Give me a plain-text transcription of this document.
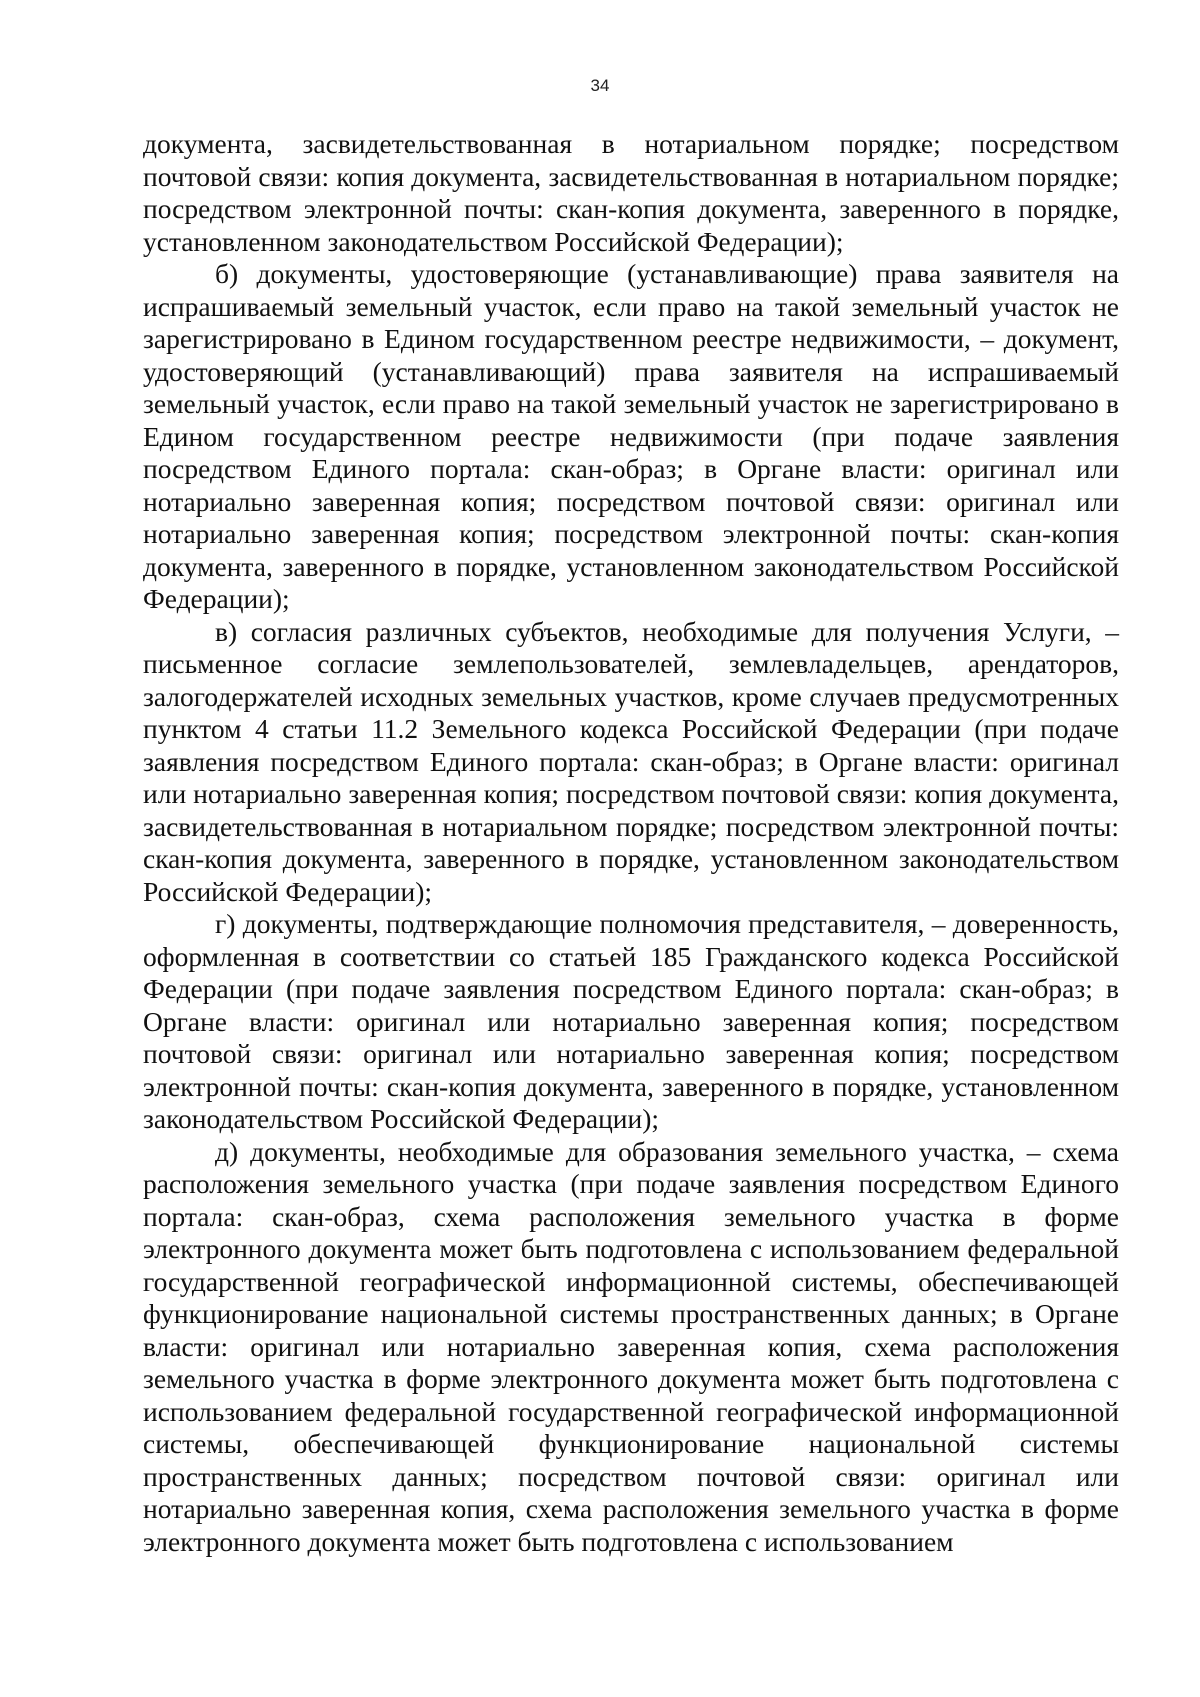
34

документа, засвидетельствованная в нотариальном порядке; посредством почтовой связи: копия документа, засвидетельствованная в нотариальном порядке; посредством электронной почты: скан-копия документа, заверенного в порядке, установленном законодательством Российской Федерации);

б) документы, удостоверяющие (устанавливающие) права заявителя на испрашиваемый земельный участок, если право на такой земельный участок не зарегистрировано в Едином государственном реестре недвижимости, – документ, удостоверяющий (устанавливающий) права заявителя на испрашиваемый земельный участок, если право на такой земельный участок не зарегистрировано в Едином государственном реестре недвижимости (при подаче заявления посредством Единого портала: скан-образ; в Органе власти: оригинал или нотариально заверенная копия; посредством почтовой связи: оригинал или нотариально заверенная копия; посредством электронной почты: скан-копия документа, заверенного в порядке, установленном законодательством Российской Федерации);

в) согласия различных субъектов, необходимые для получения Услуги, – письменное согласие землепользователей, землевладельцев, арендаторов, залогодержателей исходных земельных участков, кроме случаев предусмотренных пунктом 4 статьи 11.2 Земельного кодекса Российской Федерации (при подаче заявления посредством Единого портала: скан-образ; в Органе власти: оригинал или нотариально заверенная копия; посредством почтовой связи: копия документа, засвидетельствованная в нотариальном порядке; посредством электронной почты: скан-копия документа, заверенного в порядке, установленном законодательством Российской Федерации);

г) документы, подтверждающие полномочия представителя, – доверенность, оформленная в соответствии со статьей 185 Гражданского кодекса Российской Федерации (при подаче заявления посредством Единого портала: скан-образ; в Органе власти: оригинал или нотариально заверенная копия; посредством почтовой связи: оригинал или нотариально заверенная копия; посредством электронной почты: скан-копия документа, заверенного в порядке, установленном законодательством Российской Федерации);

д) документы, необходимые для образования земельного участка, – схема расположения земельного участка (при подаче заявления посредством Единого портала: скан-образ, схема расположения земельного участка в форме электронного документа может быть подготовлена с использованием федеральной государственной географической информационной системы, обеспечивающей функционирование национальной системы пространственных данных; в Органе власти: оригинал или нотариально заверенная копия, схема расположения земельного участка в форме электронного документа может быть подготовлена с использованием федеральной государственной географической информационной системы, обеспечивающей функционирование национальной системы пространственных данных; посредством почтовой связи: оригинал или нотариально заверенная копия, схема расположения земельного участка в форме электронного документа может быть подготовлена с использованием
